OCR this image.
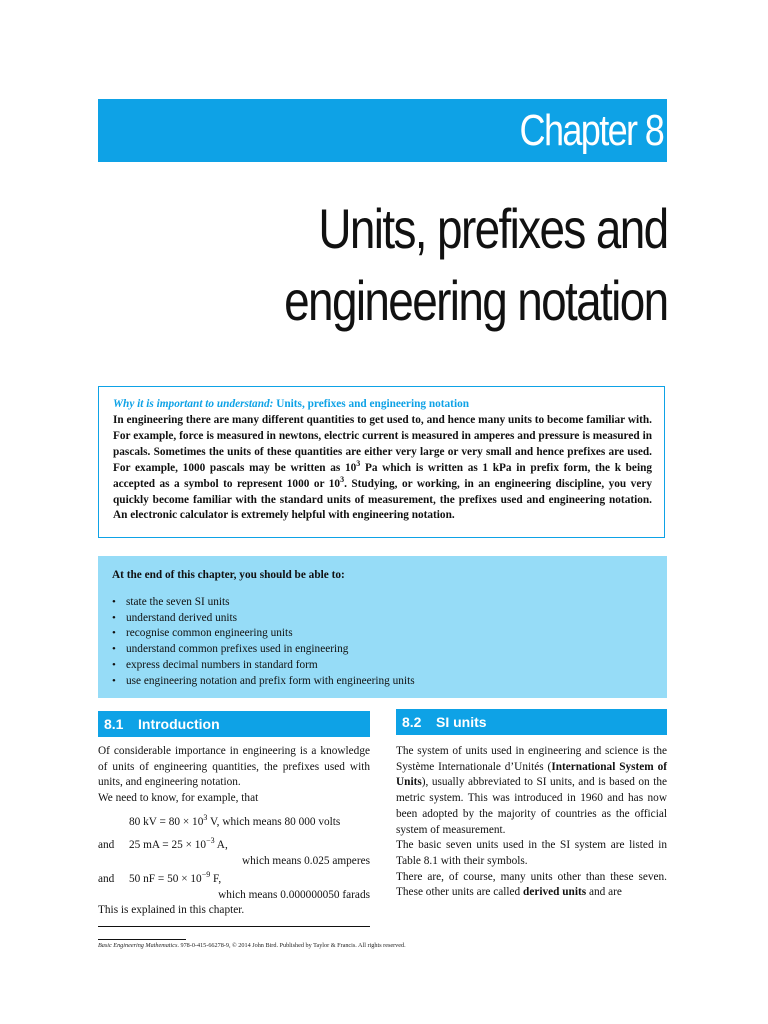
Chapter 8
Units, prefixes and
engineering notation
Why it is important to understand: Units, prefixes and engineering notation
In engineering there are many different quantities to get used to, and hence many units to become familiar with. For example, force is measured in newtons, electric current is measured in amperes and pressure is measured in pascals. Sometimes the units of these quantities are either very large or very small and hence prefixes are used. For example, 1000 pascals may be written as $10^3$ Pa which is written as 1 kPa in prefix form, the k being accepted as a symbol to represent 1000 or $10^3$. Studying, or working, in an engineering discipline, you very quickly become familiar with the standard units of measurement, the prefixes used and engineering notation. An electronic calculator is extremely helpful with engineering notation.
At the end of this chapter, you should be able to:
• state the seven SI units
• understand derived units
• recognise common engineering units
• understand common prefixes used in engineering
• express decimal numbers in standard form
• use engineering notation and prefix form with engineering units
8.1 Introduction

Of considerable importance in engineering is a knowledge of units of engineering quantities, the prefixes used with units, and engineering notation.

We need to know, for example, that

80 kV = $80 \times 10^3$ V, which means 80 000 volts
and 25 mA = $25 \times 10^{-3}$ A,

which means 0.025 amperes

and 50 nF = $50 \times 10^{-9}$ F,

which means 0.000000050 farads

This is explained in this chapter.

8.2 SI units

The system of units used in engineering and science is the Système Internationale d’Unités (International System of Units), usually abbreviated to SI units, and is based on the metric system. This was introduced in 1960 and has now been adopted by the majority of countries as the official system of measurement.

The basic seven units used in the SI system are listed in Table 8.1 with their symbols.

There are, of course, many units other than these seven. These other units are called derived units and are

Basic Engineering Mathematics. 978-0-415-66278-9, © 2014 John Bird. Published by Taylor & Francis. All rights reserved.
